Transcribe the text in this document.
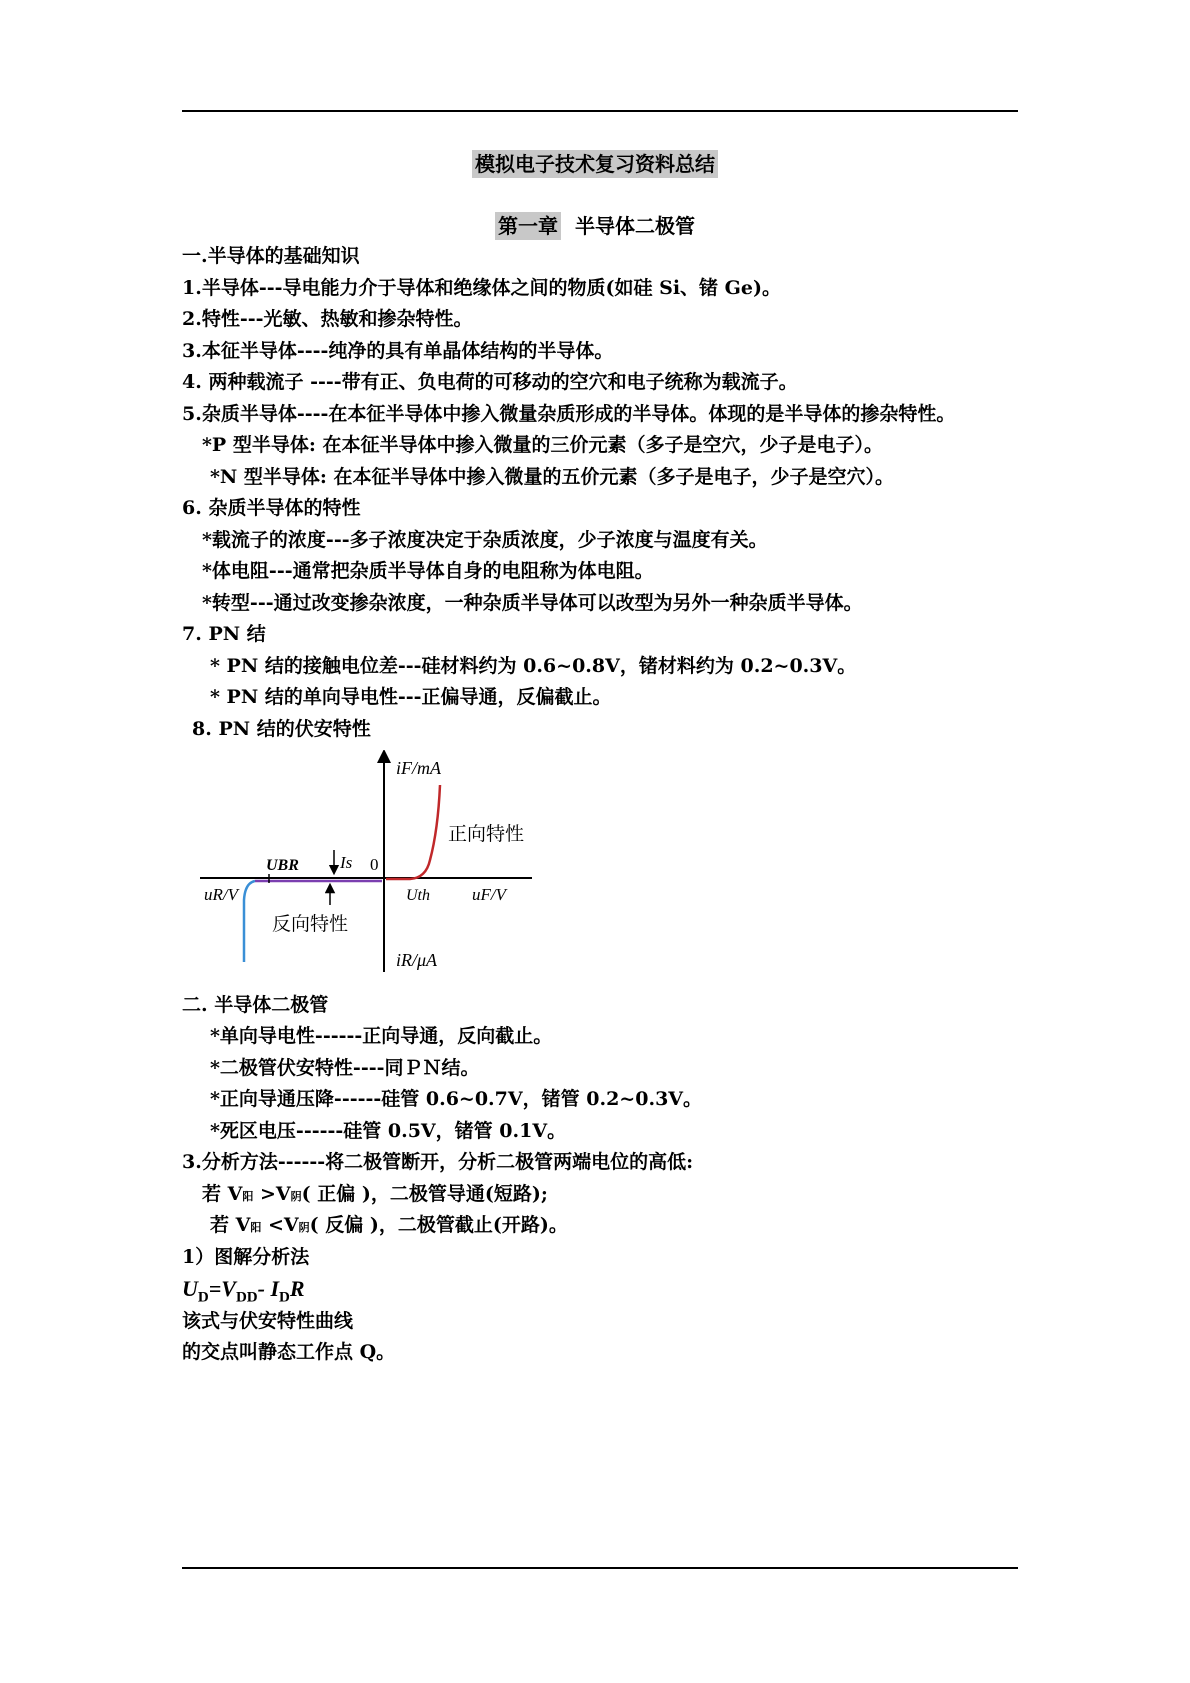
模拟电子技术复习资料总结
第一章 半导体二极管
一.半导体的基础知识
1.半导体---导电能力介于导体和绝缘体之间的物质(如硅 Si、锗 Ge)。
2.特性---光敏、热敏和掺杂特性。
3.本征半导体----纯净的具有单晶体结构的半导体。
4. 两种载流子 ----带有正、负电荷的可移动的空穴和电子统称为载流子。
5.杂质半导体----在本征半导体中掺入微量杂质形成的半导体。体现的是半导体的掺杂特性。
*P 型半导体: 在本征半导体中掺入微量的三价元素（多子是空穴，少子是电子）。
*N 型半导体: 在本征半导体中掺入微量的五价元素（多子是电子，少子是空穴）。
6. 杂质半导体的特性
*载流子的浓度---多子浓度决定于杂质浓度，少子浓度与温度有关。
*体电阻---通常把杂质半导体自身的电阻称为体电阻。
*转型---通过改变掺杂浓度，一种杂质半导体可以改型为另外一种杂质半导体。
7. PN 结
* PN 结的接触电位差---硅材料约为 0.6~0.8V，锗材料约为 0.2~0.3V。
* PN 结的单向导电性---正偏导通，反偏截止。
8. PN 结的伏安特性
iF/mA
iR/μA
uR/V	uF/V
正向特性
反向特性
UBR Is 0
Uth
二. 半导体二极管
*单向导电性------正向导通，反向截止。
*二极管伏安特性----同ＰＮ结。
*正向导通压降------硅管 0.6~0.7V，锗管 0.2~0.3V。
*死区电压------硅管 0.5V，锗管 0.1V。
3.分析方法------将二极管断开，分析二极管两端电位的高低:
若 V阳 >V阴( 正偏 )，二极管导通(短路);
若 V阳 <V阴( 反偏 )，二极管截止(开路)。
1）图解分析法
$U_D=V_{DD}-$ $I_DR$
该式与伏安特性曲线
的交点叫静态工作点 Q。
